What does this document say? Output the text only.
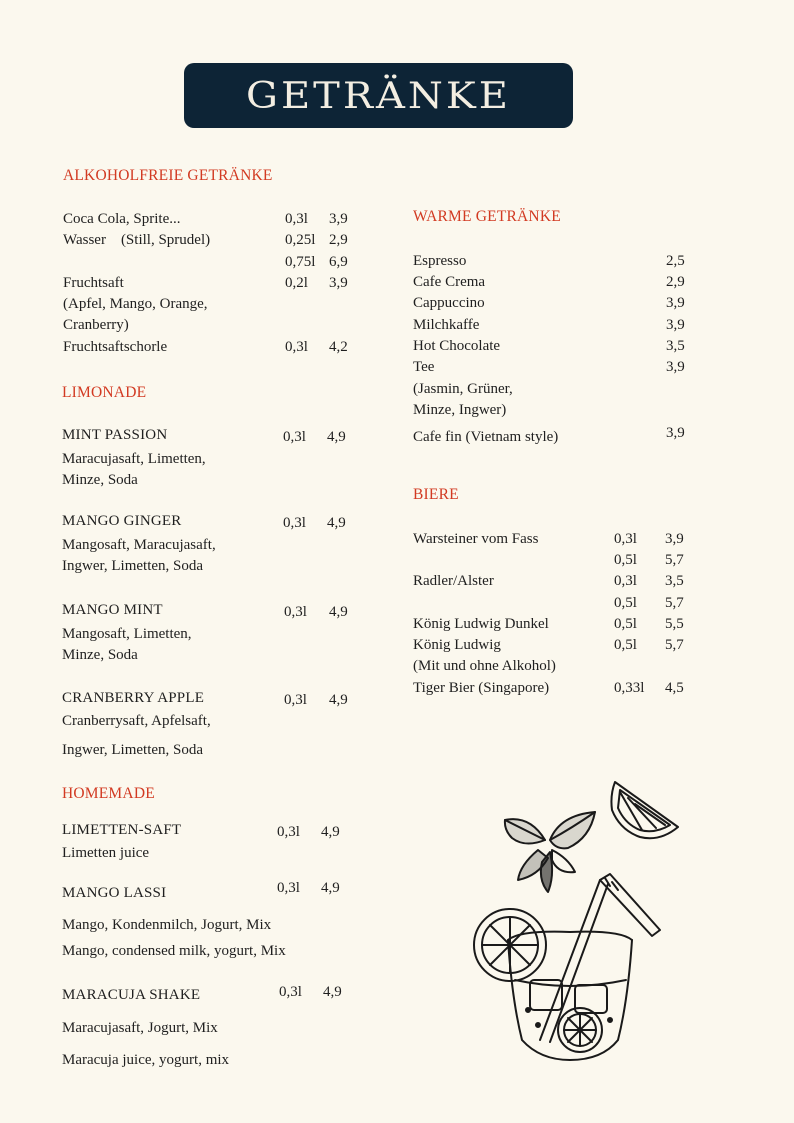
GETRÄNKE
ALKOHOLFREIE GETRÄNKE
Coca Cola, Sprite...	0,3l 3,9
Wasser    (Still, Sprudel)	0,25l 2,9
0,75l 6,9
Fruchtsaft	0,2l 3,9
(Apfel, Mango, Orange,
Cranberry)
Fruchtsaftschorle	0,3l 4,2
LIMONADE
MINT PASSION	0,3l 4,9
Maracujasaft, Limetten,
Minze, Soda
MANGO GINGER	0,3l 4,9
Mangosaft, Maracujasaft,
Ingwer, Limetten, Soda
MANGO MINT	0,3l 4,9
Mangosaft, Limetten,
Minze, Soda
CRANBERRY APPLE	0,3l 4,9
Cranberrysaft, Apfelsaft,
Ingwer, Limetten, Soda
HOMEMADE
LIMETTEN-SAFT	0,3l 4,9
Limetten juice
MANGO LASSI	0,3l 4,9
Mango, Kondenmilch, Jogurt, Mix
Mango, condensed milk, yogurt, Mix
MARACUJA SHAKE	0,3l 4,9
Maracujasaft, Jogurt, Mix
Maracuja juice, yogurt, mix
WARME GETRÄNKE
Espresso	2,5
Cafe Crema	2,9
Cappuccino	3,9
Milchkaffe	3,9
Hot Chocolate	3,5
Tee	3,9
(Jasmin, Grüner,
Minze, Ingwer)
Cafe fin (Vietnam style)	3,9
BIERE
Warsteiner vom Fass	0,3l 3,9
0,5l 5,7
Radler/Alster	0,3l 3,5
0,5l 5,7
König Ludwig Dunkel	0,5l 5,5
König Ludwig	0,5l 5,7
(Mit und ohne Alkohol)
Tiger Bier (Singapore)	0,33l 4,5
